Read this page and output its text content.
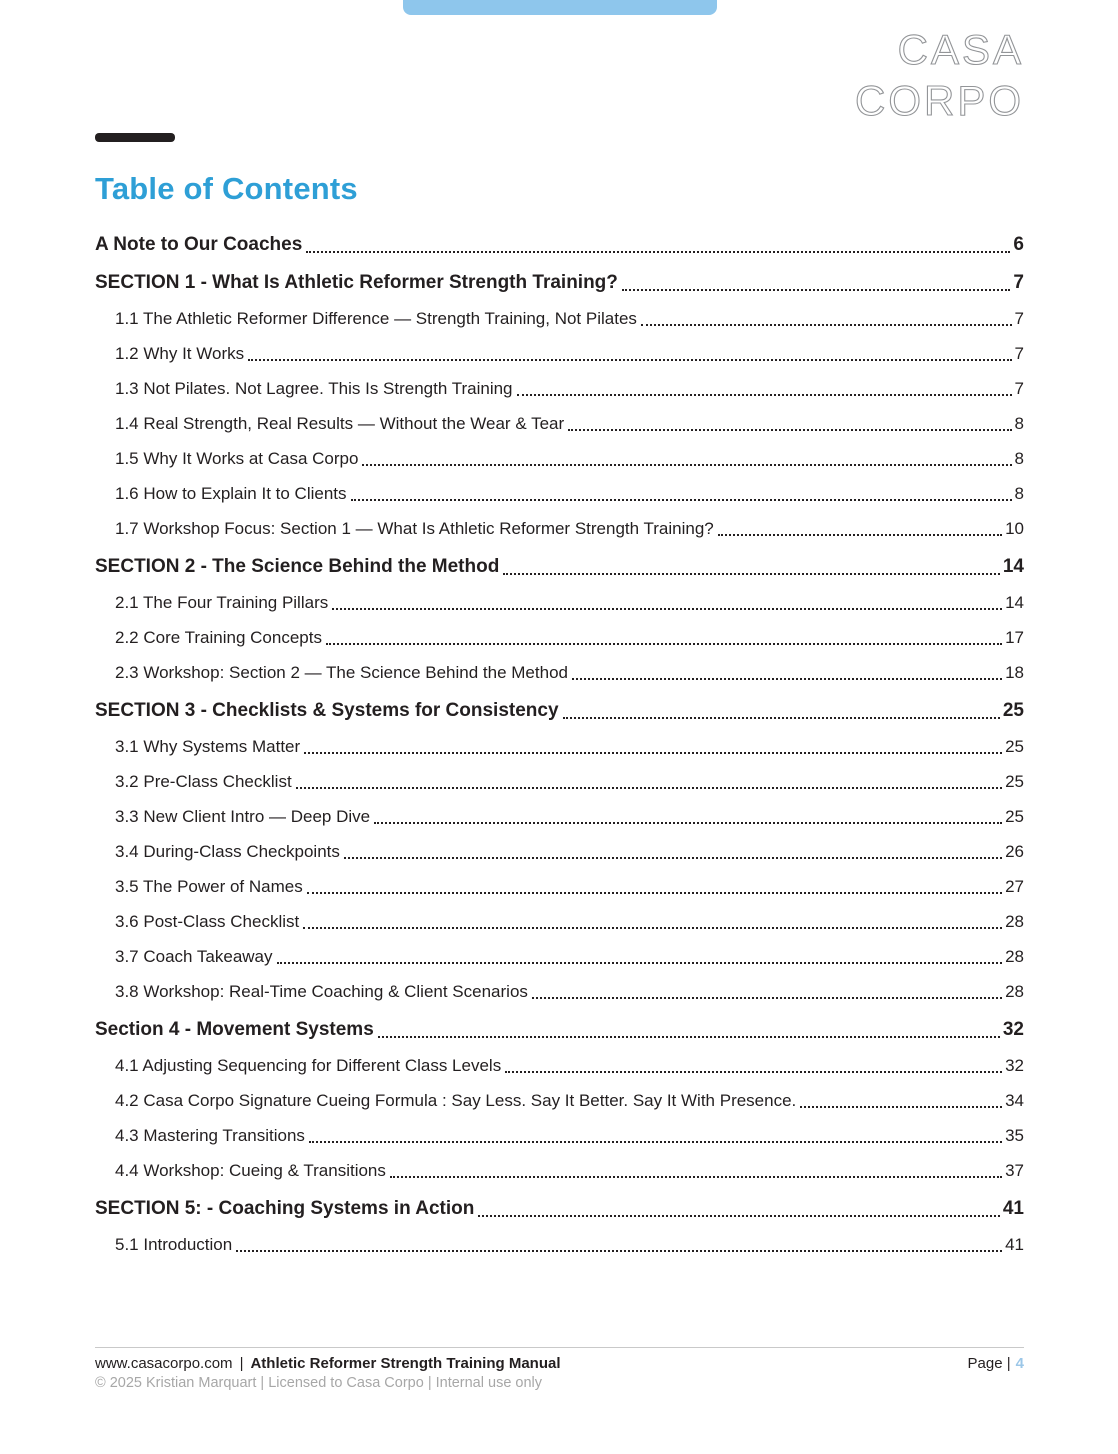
CASA
CORPO
Table of Contents
A Note to Our Coaches	6
SECTION 1 - What Is Athletic Reformer Strength Training?	7
1.1 The Athletic Reformer Difference — Strength Training, Not Pilates	7
1.2 Why It Works	7
1.3 Not Pilates. Not Lagree. This Is Strength Training	7
1.4 Real Strength, Real Results — Without the Wear & Tear	8
1.5 Why It Works at Casa Corpo	8
1.6 How to Explain It to Clients	8
1.7 Workshop Focus: Section 1 — What Is Athletic Reformer Strength Training?	10
SECTION 2 - The Science Behind the Method	14
2.1 The Four Training Pillars	14
2.2 Core Training Concepts	17
2.3 Workshop: Section 2 — The Science Behind the Method	18
SECTION 3 - Checklists & Systems for Consistency	25
3.1 Why Systems Matter	25
3.2 Pre-Class Checklist	25
3.3 New Client Intro — Deep Dive	25
3.4 During-Class Checkpoints	26
3.5 The Power of Names	27
3.6 Post-Class Checklist	28
3.7 Coach Takeaway	28
3.8 Workshop: Real-Time Coaching & Client Scenarios	28
Section 4 - Movement Systems	32
4.1 Adjusting Sequencing for Different Class Levels	32
4.2 Casa Corpo Signature Cueing Formula : Say Less. Say It Better. Say It With Presence.	34
4.3 Mastering Transitions	35
4.4 Workshop: Cueing & Transitions	37
SECTION 5: - Coaching Systems in Action	41
5.1 Introduction	41
www.casacorpo.com | Athletic Reformer Strength Training Manual	Page | 4
© 2025 Kristian Marquart | Licensed to Casa Corpo | Internal use only
